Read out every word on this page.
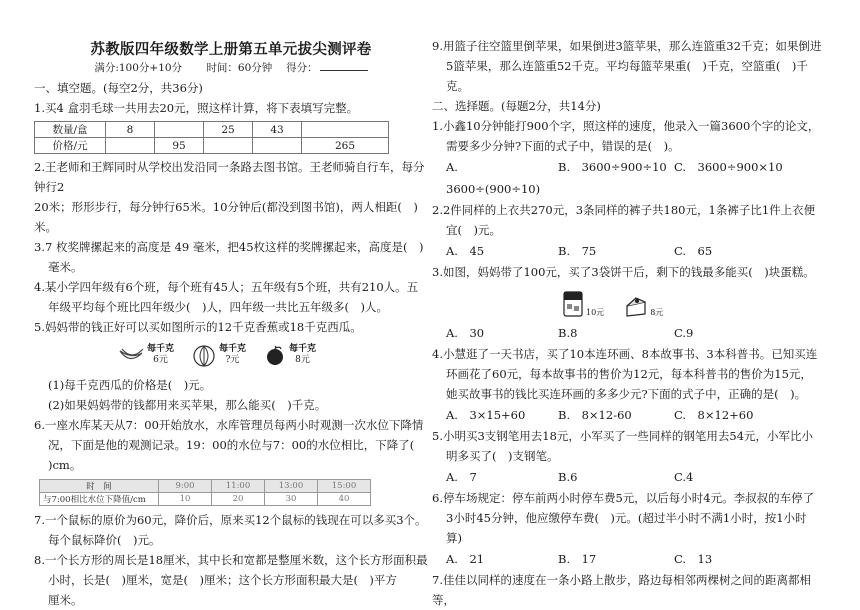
苏教版四年级数学上册第五单元拔尖测评卷
满分:100分+10分　　 时间：60分钟　 得分：
一、填空题。(每空2分，共36分)
1.买4 盒羽毛球一共用去20元，照这样计算，将下表填写完整。
数量/盒	8		25	43	
价格/元		95			265
2.王老师和王辉同时从学校出发沿同一条路去图书馆。王老师骑自行车，每分钟行2
20米；形形步行，每分钟行65米。10分钟后(都没到图书馆)，两人相距(　)米。
3.7 枚奖牌摞起来的高度是 49 毫米，把45枚这样的奖牌摞起来，高度是(　)
毫米。
4.某小学四年级有6个班，每个班有45人；五年级有5个班，共有210人。五
年级平均每个班比四年级少(　)人，四年级一共比五年级多(　)人。
5.妈妈带的钱正好可以买如图所示的12千克香蕉或18千克西瓜。
每千克
6元
每千克
?元
每千克
8元
(1)每千克西瓜的价格是(　)元。
(2)如果妈妈带的钱都用来买苹果，那么能买(　)千克。
6.一座水库某天从7：00开始放水，水库管理员每两小时观测一次水位下降情
况，下面是他的观测记录。19：00的水位与7：00的水位相比，下降了(
)cm。
时　间	9:00	11:00	13:00	15:00
与7:00相比水位下降值/cm	10	20	30	40
7.一个鼠标的原价为60元，降价后，原来买12个鼠标的钱现在可以多买3个。
每个鼠标降价(　)元。
8.一个长方形的周长是18厘米，其中长和宽都是整厘米数，这个长方形面积最
小时，长是(　)厘米，宽是(　)厘米；这个长方形面积最大是(　)平方
厘米。
9.用篮子往空篮里倒苹果，如果倒进3篮苹果，那么连篮重32千克；如果倒进
5篮苹果，那么连篮重52千克。平均每篮苹果重(　)千克，空篮重(　)千
克。
二、选择题。(每题2分，共14分)
1.小鑫10分钟能打900个字，照这样的速度，他录入一篇3600个字的论文，
需要多少分钟?下面的式子中，错误的是(　)。
A.　3600÷(900÷10)
B.　3600÷900÷10 C.　3600÷900×10
2.2件同样的上衣共270元，3条同样的裤子共180元，1条裤子比1件上衣便
宜(　)元。
A.　45	B.　75	C.　65
3.如图，妈妈带了100元，买了3袋饼干后，剩下的钱最多能买(　)块蛋糕。
10元	8元
A.　30	B.8	C.9
4.小慧逛了一天书店，买了10本连环画、8本故事书、3本科普书。已知买连
环画花了60元，每本故事书的售价为12元，每本科普书的售价为15元，
她买故事书的钱比买连环画的多多少元?下面的式子中，正确的是(　)。
A.　3×15+60	B.　8×12-60	C.　8×12+60
5.小明买3支钢笔用去18元，小军买了一些同样的钢笔用去54元，小军比小
明多买了(　)支钢笔。
A.　7	B.6	C.4
6.停车场规定：停车前两小时停车费5元，以后每小时4元。李叔叔的车停了
3小时45分钟，他应缴停车费(　)元。(超过半小时不满1小时，按1小时
算)
A.　21	B.　17	C.　13
7.佳佳以同样的速度在一条小路上散步，路边每相邻两棵树之间的距离都相等，
